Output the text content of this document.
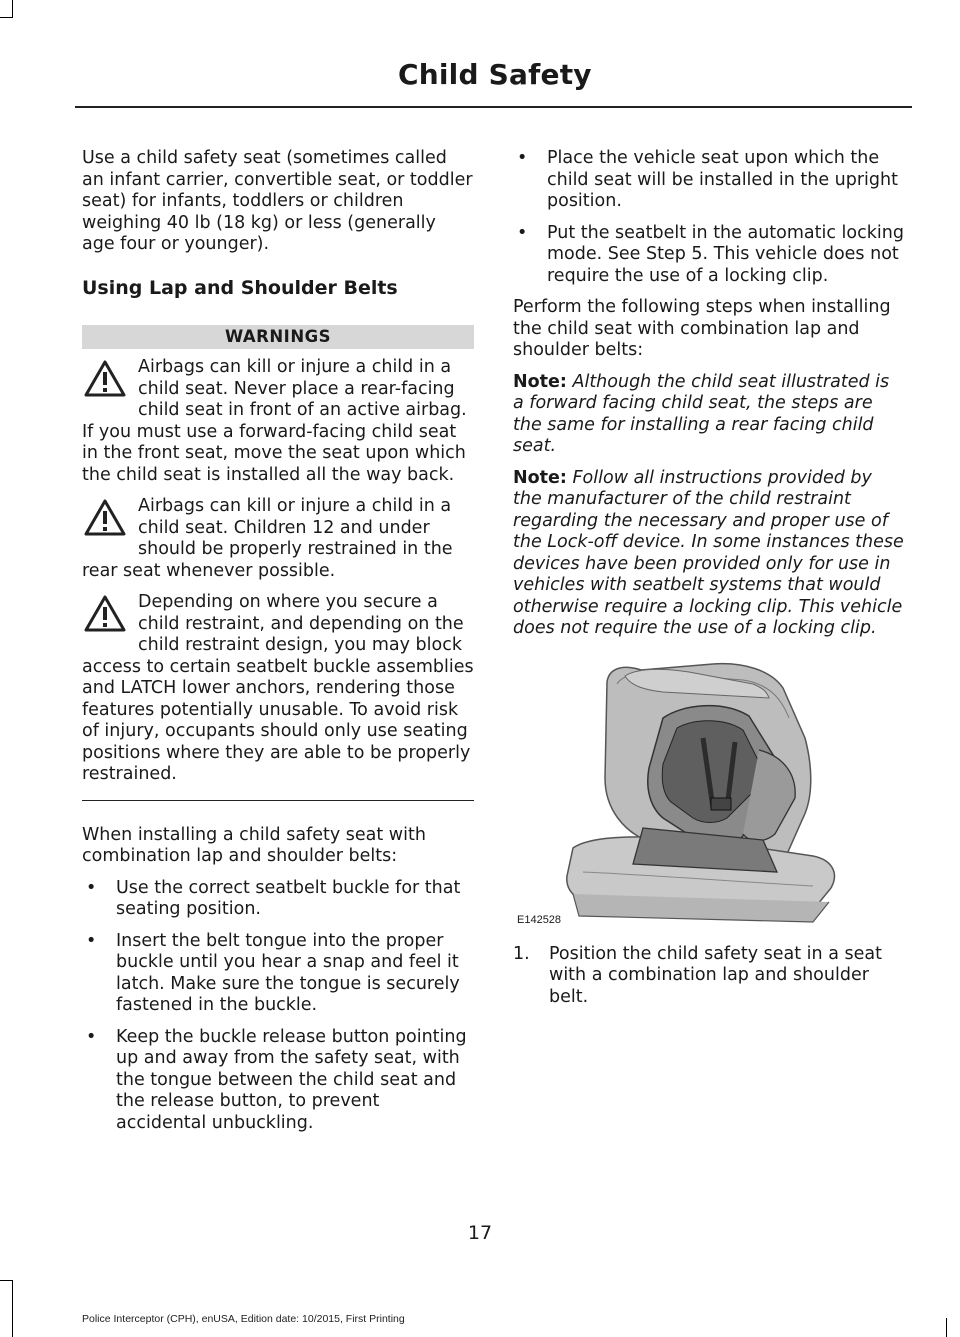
Child Safety

Use a child safety seat (sometimes called an infant carrier, convertible seat, or toddler seat) for infants, toddlers or children weighing 40 lb (18 kg) or less (generally age four or younger).

Using Lap and Shoulder Belts
WARNINGS

Airbags can kill or injure a child in a child seat. Never place a rear-facing child seat in front of an active airbag. If you must use a forward-facing child seat in the front seat, move the seat upon which the child seat is installed all the way back.

Airbags can kill or injure a child in a child seat. Children 12 and under should be properly restrained in the rear seat whenever possible.

Depending on where you secure a child restraint, and depending on the child restraint design, you may block access to certain seatbelt buckle assemblies and LATCH lower anchors, rendering those features potentially unusable. To avoid risk of injury, occupants should only use seating positions where they are able to be properly restrained.

When installing a child safety seat with combination lap and shoulder belts:

• Use the correct seatbelt buckle for that seating position.
• Insert the belt tongue into the proper buckle until you hear a snap and feel it latch. Make sure the tongue is securely fastened in the buckle.
• Keep the buckle release button pointing up and away from the safety seat, with the tongue between the child seat and the release button, to prevent accidental unbuckling.
• Place the vehicle seat upon which the child seat will be installed in the upright position.
• Put the seatbelt in the automatic locking mode. See Step 5. This vehicle does not require the use of a locking clip.

Perform the following steps when installing the child seat with combination lap and shoulder belts:

Note: Although the child seat illustrated is a forward facing child seat, the steps are the same for installing a rear facing child seat.

Note: Follow all instructions provided by the manufacturer of the child restraint regarding the necessary and proper use of the Lock-off device. In some instances these devices have been provided only for use in vehicles with seatbelt systems that would otherwise require a locking clip. This vehicle does not require the use of a locking clip.

E142528
1. Position the child safety seat in a seat with a combination lap and shoulder belt.
17
Police Interceptor (CPH), enUSA, Edition date: 10/2015, First Printing
